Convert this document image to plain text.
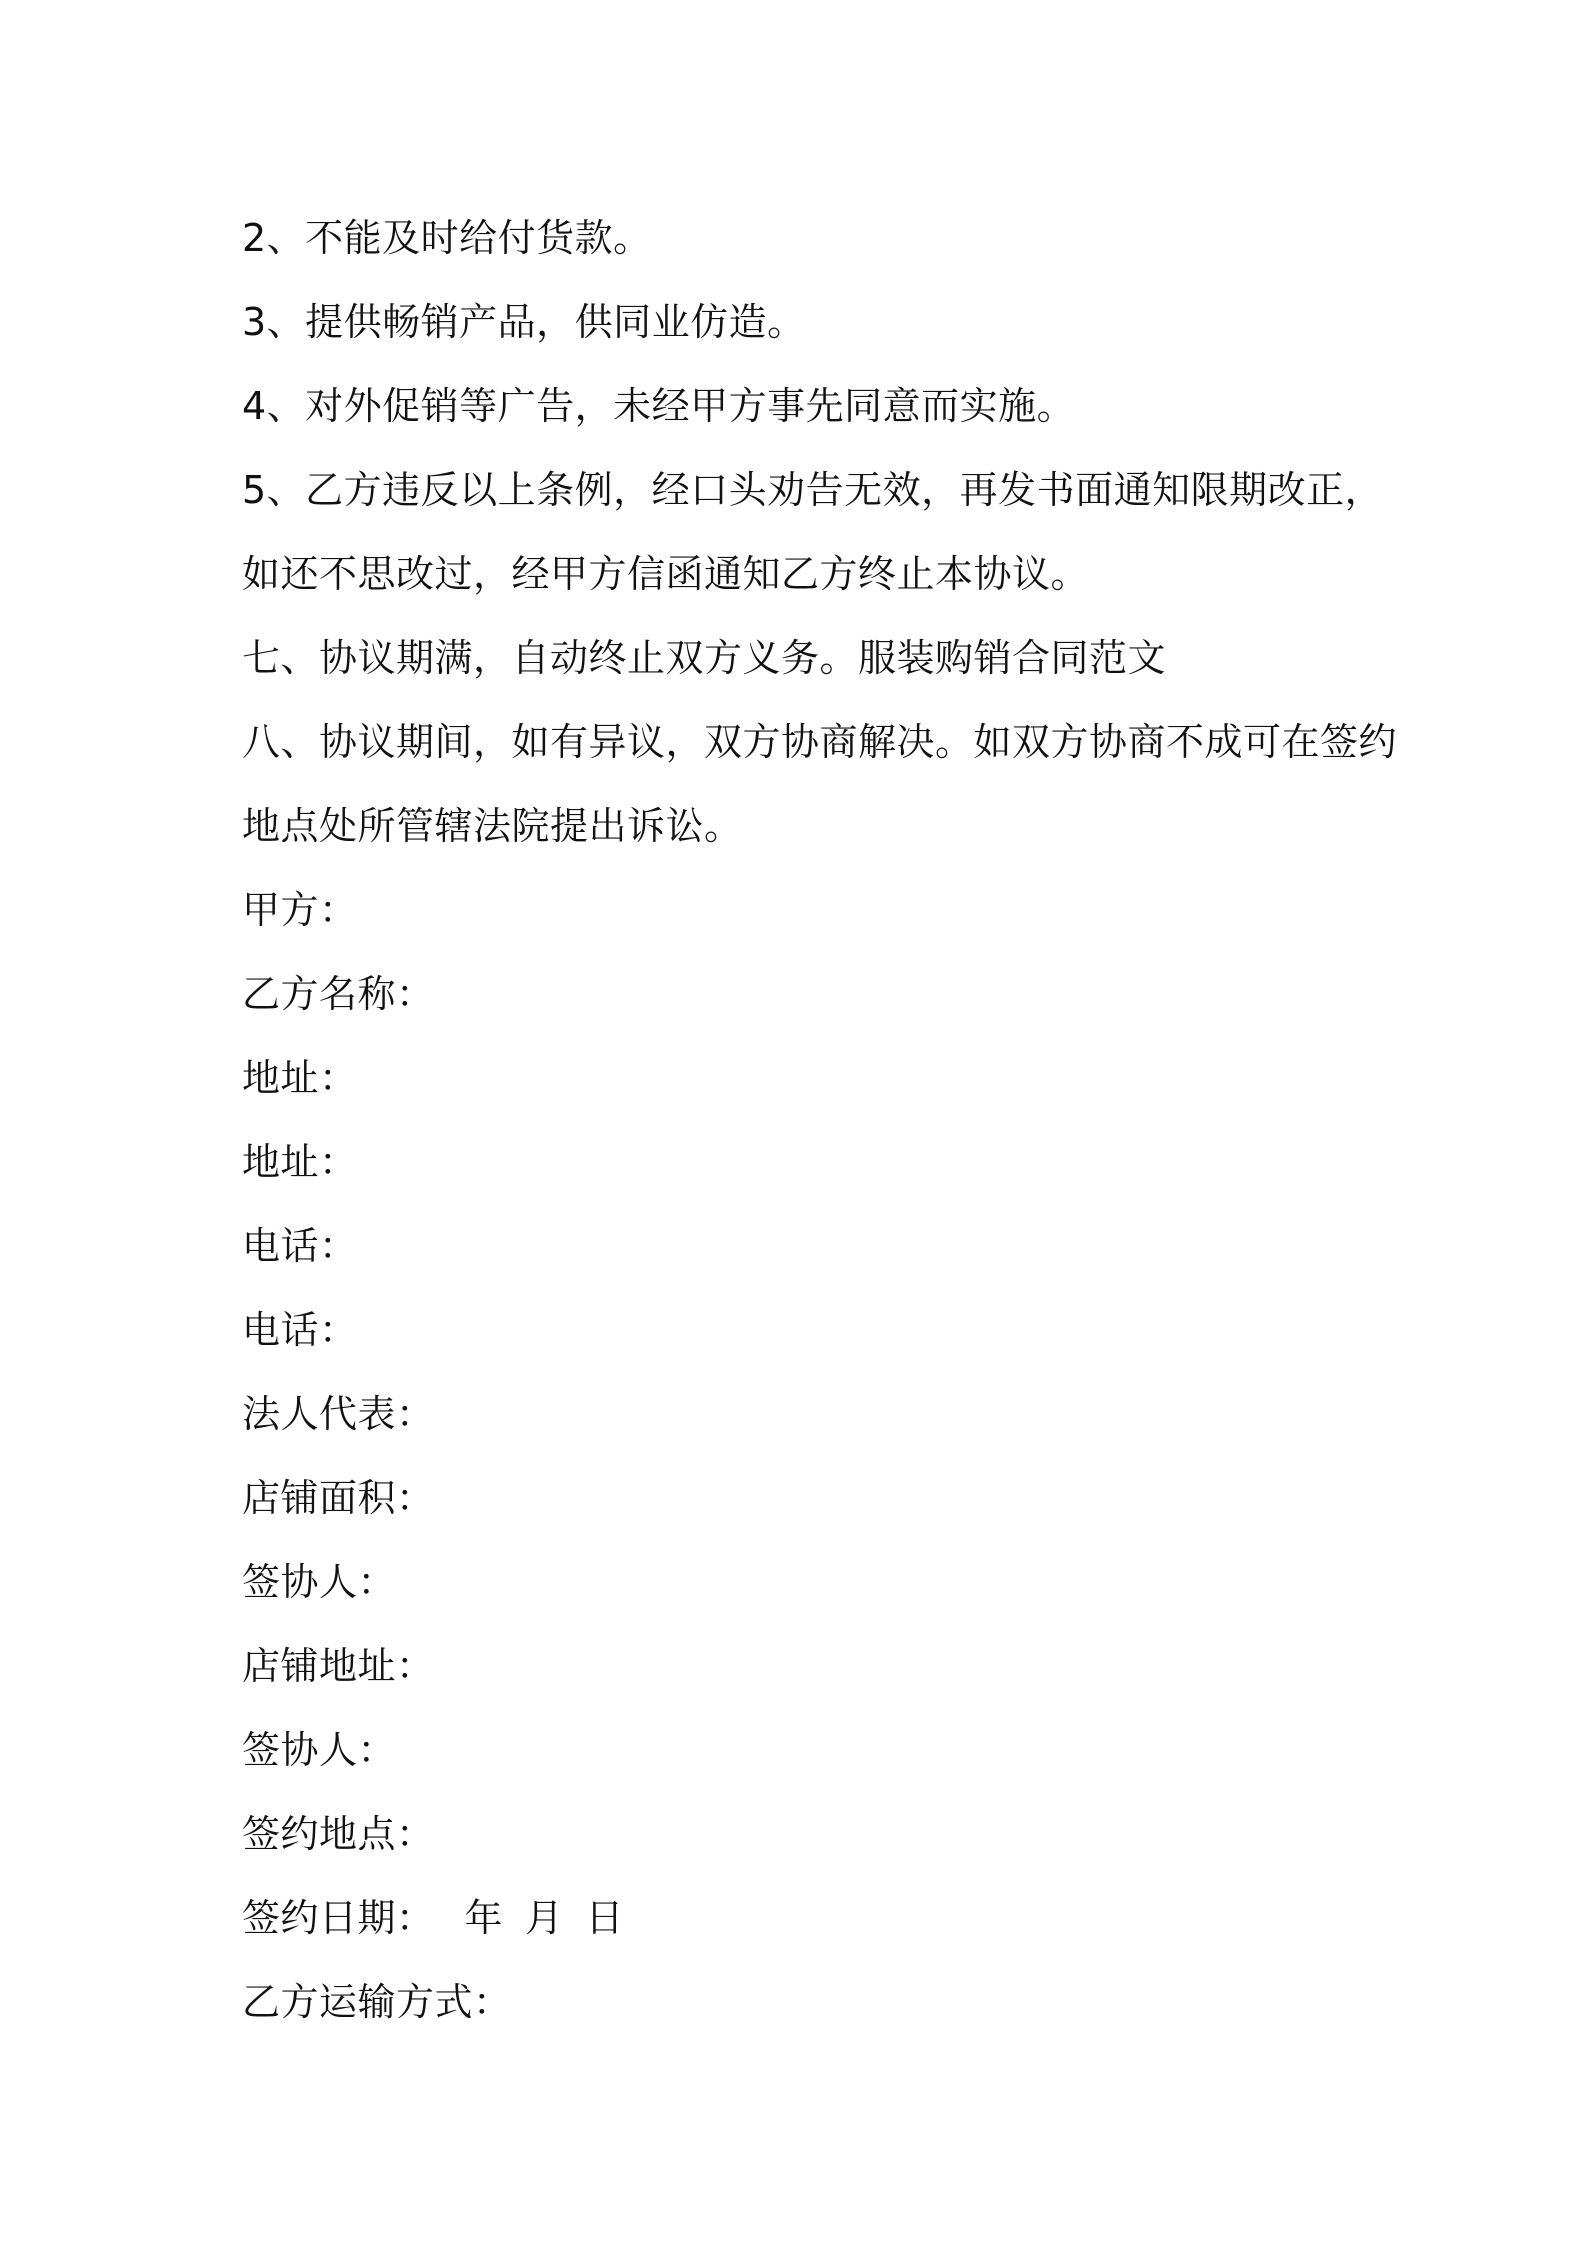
2、不能及时给付货款。
3、提供畅销产品，供同业仿造。
4、对外促销等广告，未经甲方事先同意而实施。
5、乙方违反以上条例，经口头劝告无效，再发书面通知限期改正，
如还不思改过，经甲方信函通知乙方终止本协议。
七、协议期满，自动终止双方义务。服装购销合同范文
八、协议期间，如有异议，双方协商解决。如双方协商不成可在签约
地点处所管辖法院提出诉讼。
甲方：
乙方名称：
地址：
地址：
电话：
电话：
法人代表：
店铺面积：
签协人：
店铺地址：
签协人：
签约地点：
签约日期： 年 月 日
乙方运输方式：
